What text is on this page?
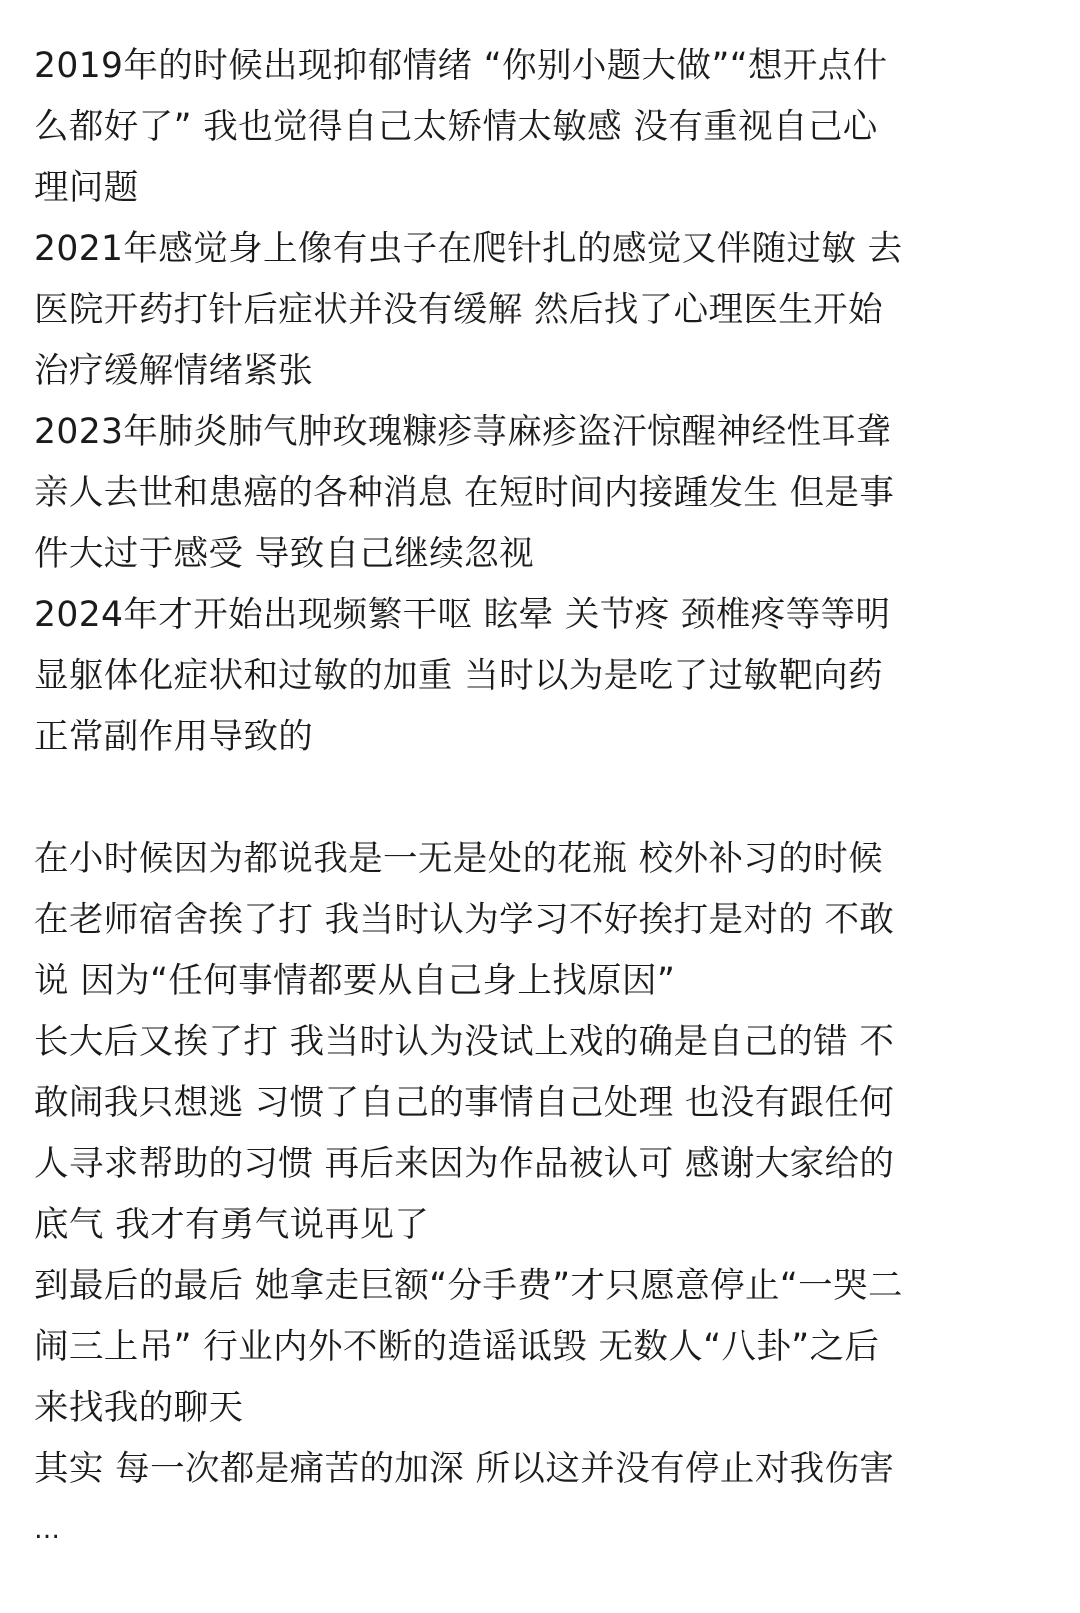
2019年的时候出现抑郁情绪 “你别小题大做”“想开点什
么都好了” 我也觉得自己太矫情太敏感 没有重视自己心
理问题
2021年感觉身上像有虫子在爬针扎的感觉又伴随过敏 去
医院开药打针后症状并没有缓解 然后找了心理医生开始
治疗缓解情绪紧张
2023年肺炎肺气肿玫瑰糠疹荨麻疹盗汗惊醒神经性耳聋
亲人去世和患癌的各种消息 在短时间内接踵发生 但是事
件大过于感受 导致自己继续忽视
2024年才开始出现频繁干呕 眩晕 关节疼 颈椎疼等等明
显躯体化症状和过敏的加重 当时以为是吃了过敏靶向药
正常副作用导致的
在小时候因为都说我是一无是处的花瓶 校外补习的时候
在老师宿舍挨了打 我当时认为学习不好挨打是对的 不敢
说 因为“任何事情都要从自己身上找原因”
长大后又挨了打 我当时认为没试上戏的确是自己的错 不
敢闹我只想逃 习惯了自己的事情自己处理 也没有跟任何
人寻求帮助的习惯 再后来因为作品被认可 感谢大家给的
底气 我才有勇气说再见了
到最后的最后 她拿走巨额“分手费”才只愿意停止“一哭二
闹三上吊” 行业内外不断的造谣诋毁 无数人“八卦”之后
来找我的聊天
其实 每一次都是痛苦的加深 所以这并没有停止对我伤害
…
